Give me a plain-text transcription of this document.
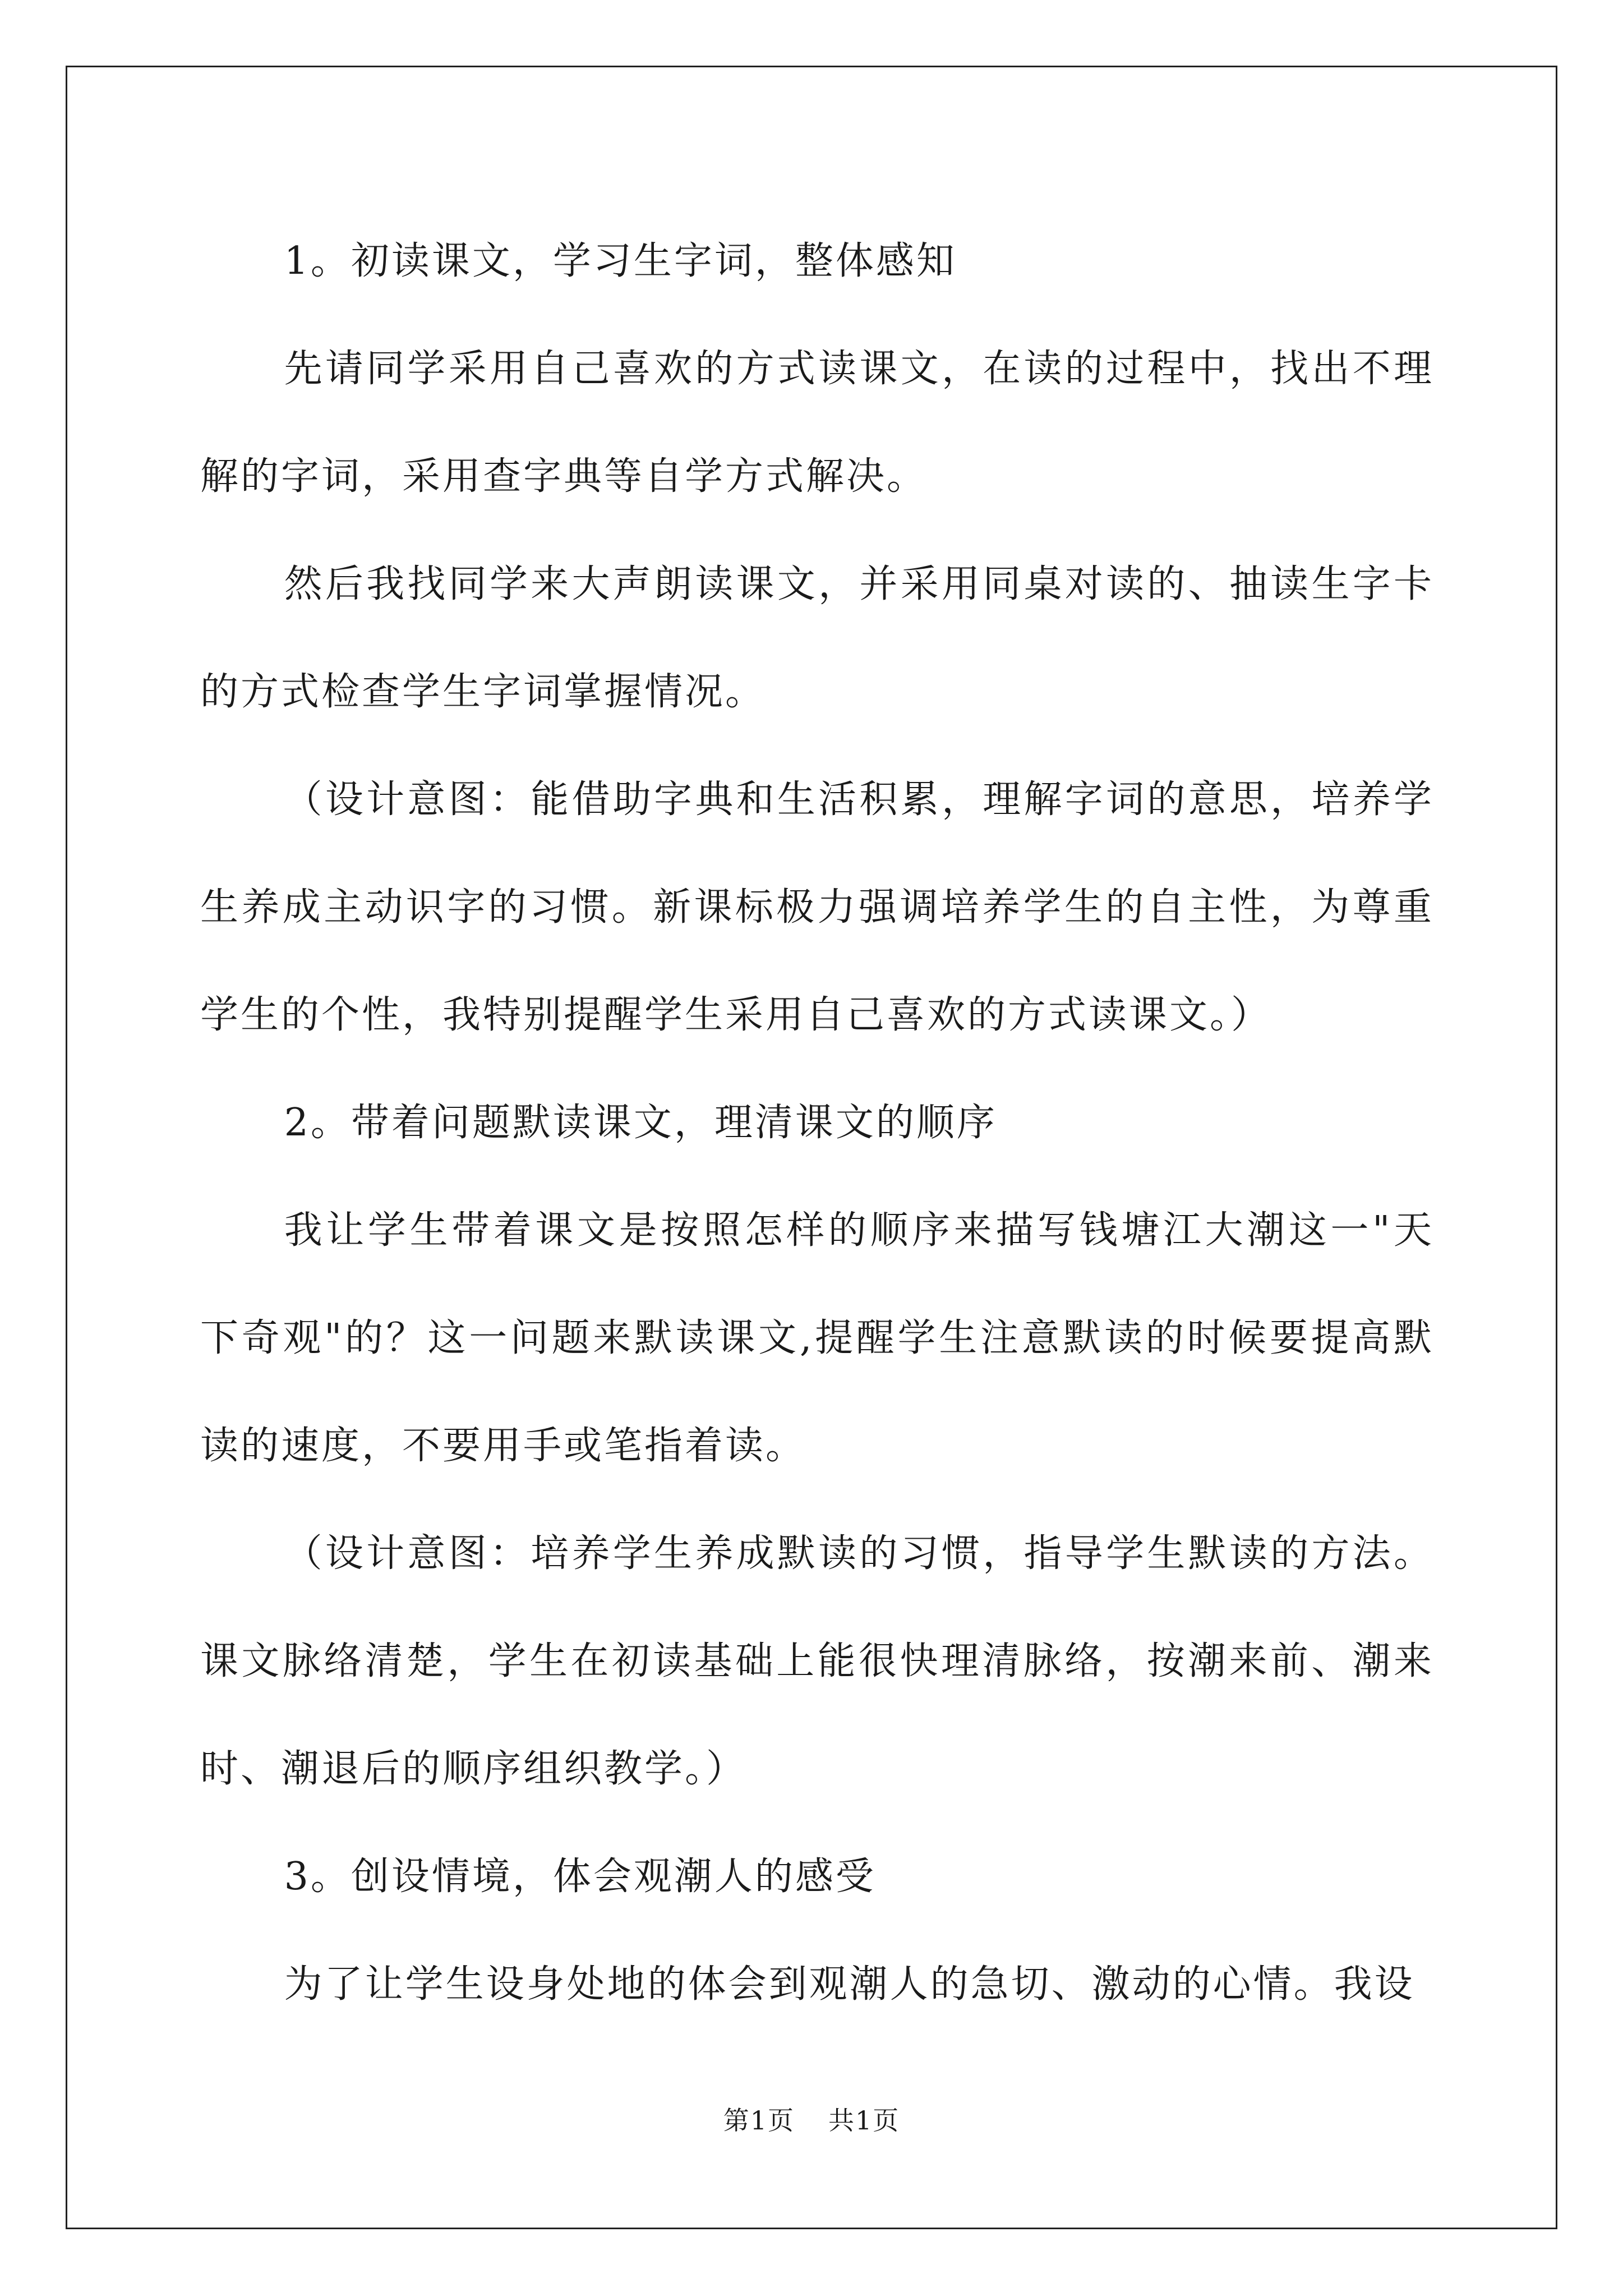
1。初读课文，学习生字词，整体感知

先请同学采用自己喜欢的方式读课文，在读的过程中，找出不理解的字词，采用查字典等自学方式解决。

然后我找同学来大声朗读课文，并采用同桌对读的、抽读生字卡的方式检查学生字词掌握情况。

（设计意图：能借助字典和生活积累，理解字词的意思，培养学生养成主动识字的习惯。新课标极力强调培养学生的自主性，为尊重学生的个性，我特别提醒学生采用自己喜欢的方式读课文。）

2。带着问题默读课文，理清课文的顺序

我让学生带着课文是按照怎样的顺序来描写钱塘江大潮这一"天下奇观"的？这一问题来默读课文,提醒学生注意默读的时候要提高默读的速度，不要用手或笔指着读。

（设计意图：培养学生养成默读的习惯，指导学生默读的方法。课文脉络清楚，学生在初读基础上能很快理清脉络，按潮来前、潮来时、潮退后的顺序组织教学。）

3。创设情境，体会观潮人的感受

为了让学生设身处地的体会到观潮人的急切、激动的心情。我设

第1页 共1页
